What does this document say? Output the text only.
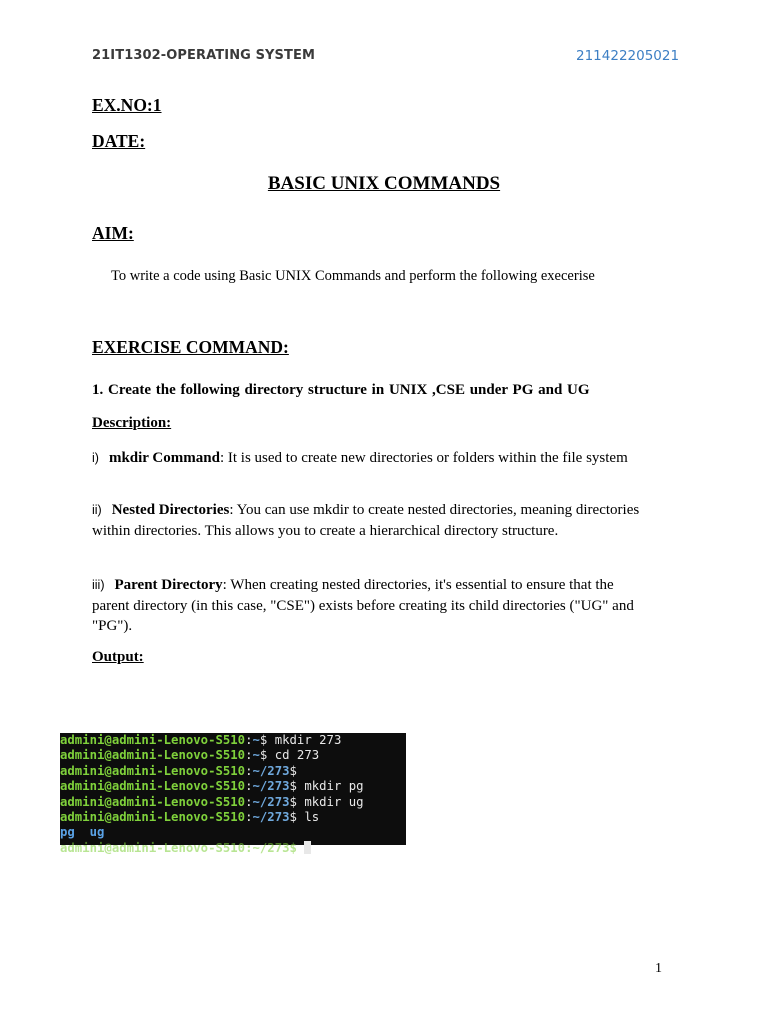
21IT1302-OPERATING SYSTEM	211422205021
EX.NO:1
DATE:
BASIC UNIX COMMANDS
AIM:
To write a code using Basic UNIX Commands and perform the following execerise
EXERCISE COMMAND:
1. Create the following directory structure in UNIX ,CSE under PG and UG
Description:
i) mkdir Command: It is used to create new directories or folders within the file system
ii) Nested Directories: You can use mkdir to create nested directories, meaning directories within directories. This allows you to create a hierarchical directory structure.
iii) Parent Directory: When creating nested directories, it's essential to ensure that the parent directory (in this case, "CSE") exists before creating its child directories ("UG" and "PG").
Output:
admini@admini-Lenovo-S510:~$ mkdir 273
admini@admini-Lenovo-S510:~$ cd 273
admini@admini-Lenovo-S510:~/273$
admini@admini-Lenovo-S510:~/273$ mkdir pg
admini@admini-Lenovo-S510:~/273$ mkdir ug
admini@admini-Lenovo-S510:~/273$ ls
pg  ug
admini@admini-Lenovo-S510:~/273$
1
